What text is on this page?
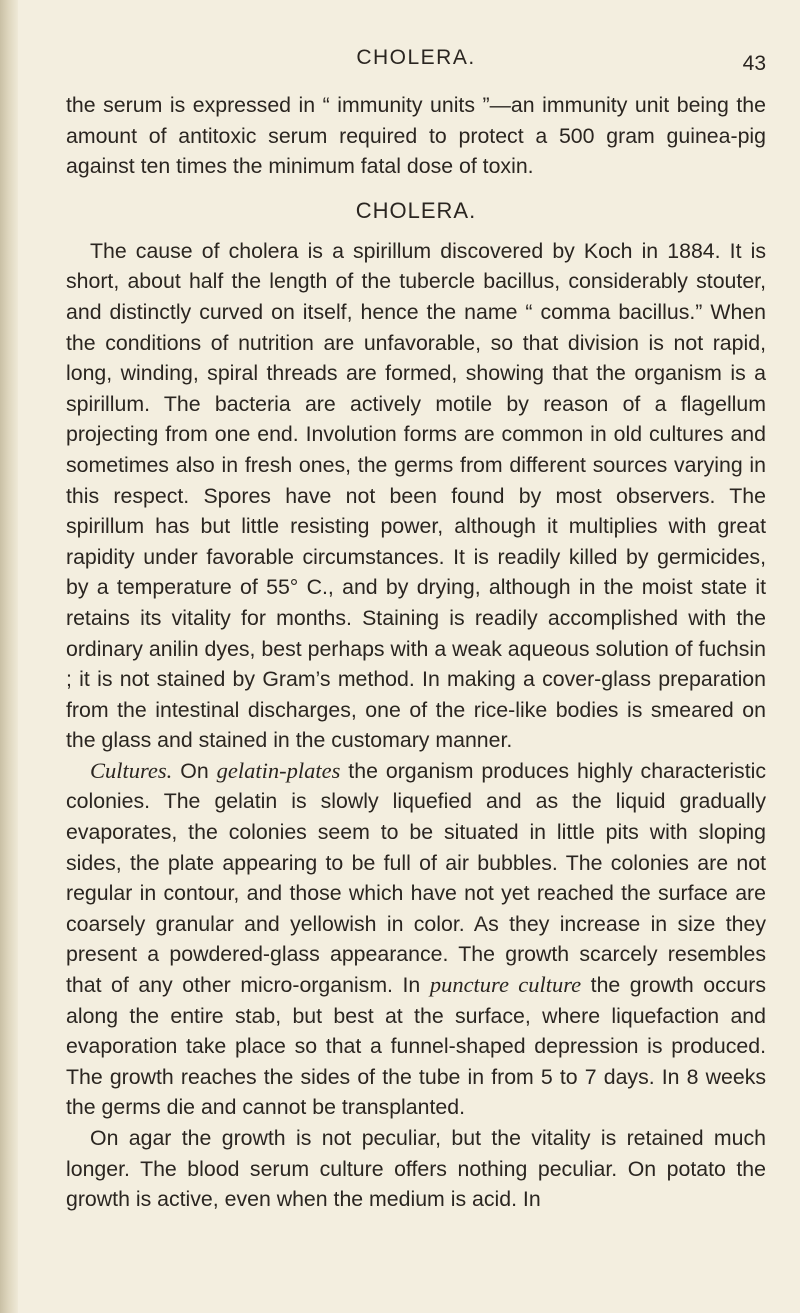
CHOLERA.	43

the serum is expressed in “ immunity units ”—an immunity unit being the amount of antitoxic serum required to protect a 500 gram guinea-pig against ten times the minimum fatal dose of toxin.

CHOLERA.

The cause of cholera is a spirillum discovered by Koch in 1884. It is short, about half the length of the tubercle bacillus, considerably stouter, and distinctly curved on itself, hence the name “ comma bacillus.” When the conditions of nutrition are unfavorable, so that division is not rapid, long, winding, spiral threads are formed, showing that the organism is a spirillum. The bacteria are actively motile by reason of a flagellum projecting from one end. Involution forms are common in old cultures and sometimes also in fresh ones, the germs from different sources varying in this respect. Spores have not been found by most observers. The spirillum has but little resisting power, although it multiplies with great rapidity under favorable circumstances. It is readily killed by germicides, by a temperature of 55° C., and by drying, although in the moist state it retains its vitality for months. Staining is readily accomplished with the ordinary anilin dyes, best perhaps with a weak aqueous solution of fuchsin ; it is not stained by Gram’s method. In making a cover-glass preparation from the intestinal discharges, one of the rice-like bodies is smeared on the glass and stained in the customary manner.

Cultures. On gelatin-plates the organism produces highly characteristic colonies. The gelatin is slowly liquefied and as the liquid gradually evaporates, the colonies seem to be situated in little pits with sloping sides, the plate appearing to be full of air bubbles. The colonies are not regular in contour, and those which have not yet reached the surface are coarsely granular and yellowish in color. As they increase in size they present a powdered-glass appearance. The growth scarcely resembles that of any other micro-organism. In puncture culture the growth occurs along the entire stab, but best at the surface, where liquefaction and evaporation take place so that a funnel-shaped depression is produced. The growth reaches the sides of the tube in from 5 to 7 days. In 8 weeks the germs die and cannot be transplanted.

On agar the growth is not peculiar, but the vitality is retained much longer. The blood serum culture offers nothing peculiar. On potato the growth is active, even when the medium is acid. In
